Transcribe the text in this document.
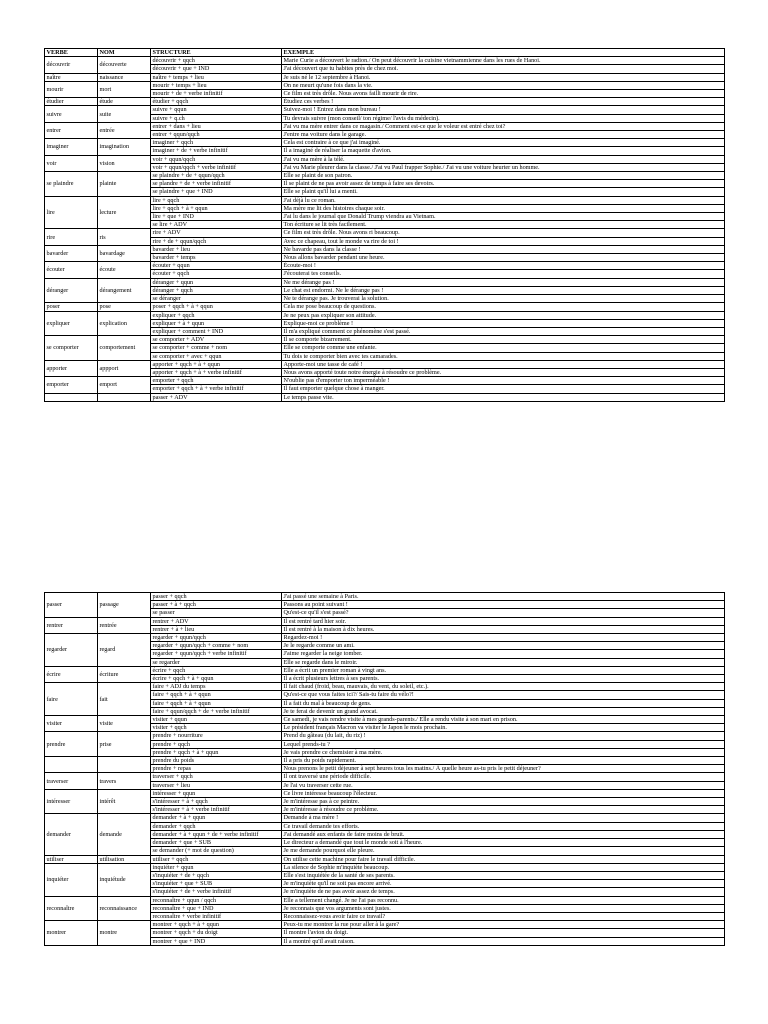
VERBE	NOM	STRUCTURE	EXEMPLE
découvrir	découverte	découvrir + qqch	Marie Curie a découvert le radion./ On peut découvrir la cuisine vietnammienne dans les rues de Hanoi.
		découvrir + que + IND	J'ai découvert que tu habites près de chez moi.
naître	naissance	naître + temps + lieu	Je suis né le 12 septembre à Hanoi.
mourir	mort	mourir + temps + lieu	On ne meurt qu'une fois dans la vie.
		mourir + de + verbe infinitif	Ce film est très drôle. Nous avons failli mourir de rire.
étudier	étude	étudier + qqch	Étudiez ces verbes !
suivre	suite	suivre + qqun	Suivez-moi ! Entrez dans mon bureau !
		suivre + q.ch	Tu devrais suivre (mon conseil/ ton régime/ l'avis du médecin).
entrer	entrée	entrer + dans + lieu	J'ai vu ma mère entrer dans ce magasin./ Comment est-ce que le voleur est entré chez toi?
		entrer + qqun/qqch	J'entre ma voiture dans le garage.
imaginer	imagination	imaginer + qqch	Cela est contraire à ce que j'ai imaginé.
		imaginer + de + verbe infinitif	Il a imaginé de réaliser la maquette d'avion.
voir	vision	voir + qqun/qqch	J'ai vu ma mère à la télé.
		voir + qqun/qqch + verbe infinitif	J'ai vu Marie pleurer dans la classe./ J'ai vu Paul frapper Sophie./ J'ai vu une voiture heurter un homme.
se plaindre	plainte	se plaindre + de + qqun/qqch	Elle se plaint de son patron.
		se plandre + de + verbe infinitif	Il se plaint de ne pas avoir assez de temps à faire ses devoirs.
		se plaindre + que + IND	Elle se plaint qu'il lui a menti.
lire	lecture	lire + qqch	J'ai déjà lu ce roman.
		lire + qqch + à + qqun	Ma mère me lit des histoires chaque soir.
		lire + que + IND	J'ai lu dans le journal que Donald Trump viendra au Vietnam.
		se lire + ADV	Ton écriture se lit très facilement.
rire	ris	rire + ADV	Ce film est très drôle. Nous avons ri beaucoup.
		rire + de + qqun/qqch	Avec ce chapeau, tout le monde va rire de toi !
bavarder	bavardage	bavarder + lieu	Ne bavarde pas dans la classe !
		bavarder + temps	Nous allons bavarder pendant une heure.
écouter	écoute	écouter + qqun	Écoute-moi !
		écouter + qqch	J'écouterai tes conseils.
déranger	dérangement	déranger + qqun	Ne me dérange pas !
		déranger + qqch	Le chat est endormi. Ne le dérange pas !
		se déranger	Ne te dérange pas. Je trouverai la solution.
poser	pose	poser + qqch + à + qqun	Cela me pose beaucoup de questions.
expliquer	explication	expliquer + qqch	Je ne peux pas expliquer son attitude.
		expliquer + à + qqun	Explique-moi ce problème !
		expliquer + comment + IND	Il m'a expliqué comment ce phénomène s'est passé.
se comporter	comportement	se comporter + ADV	Il se comporte bizarrement.
		se comporter + comme + nom	Elle se comporte comme une enfante.
		se comporter + avec + qqun	Tu dois te comporter bien avec tes camarades.
apporter	appport	apporter + qqch + à + qqun	Apporte-moi une tasse de café !
		apporter + qqch + à + verbe infinitif	Nous avons apporté toute notre énergie à résoudre ce problème.
emporter	emport	emporter + qqch	N'oublie pas d'emporter ton imperméable !
		emporter + qqch + à + verbe infinitif	Il faut emporter quelque chose à manger.
		passer + ADV	Le temps passe vite.
passer	passage	passer + qqch	J'ai passé une semaine à Paris.
		passer + à + qqch	Passons au point suivant !
		se passer	Qu'est-ce qu'il s'est passé?
rentrer	rentrée	rentrer + ADV	Il est rentré tard hier soir.
		rentrer + à + lieu	Il est rentré à la maison à dix heures.
regarder	regard	regarder + qqun/qqch	Regardez-moi !
		regarder + qqun/qqch + comme + nom	Je le regarde comme un ami.
		regarder + qqun/qqch + verbe infinitif	J'aime regarder la neige tomber.
		se regarder	Elle se regarde dans le miroir.
écrire	écriture	écrire + qqch	Elle a écrit un premier roman à vingt ans.
		écrire + qqch + à + qqun	Il a écrit plusieurs lettres à ses parents.
faire	fait	faire + ADJ du temps	Il fait chaud (froid, beau, mauvais, du vent, du soleil, etc.).
		faire + qqch + à + qqun	Qu'est-ce que vous faites ici?/ Sais-tu faire du vélo?!
		faire + qqch + à + qqun	Il a fait du mal à beaucoup de gens.
		faire + qqun/qqch + de + verbe infinitif	Je te ferai de devenir un grand avocat.
visiter	visite	visiter + qqun	Ce samedi, je vais rendre visite à mes grands-parents./ Elle a rendu visite à son mari en prison.
		visiter + qqch	Le président français Macron va visiter le Japon le mois prochain.
prendre	prise	prendre + nourriture	Prend du gâteau (du lait, du riz) !
		prendre + qqch	Lequel prends-tu ?
		prendre + qqch + à + qqun	Je vais prendre ce chemisier à ma mère.
		prendre du poids	Il a pris du poids rapidement.
		prendre + repas	Nous prenons le petit déjeuner à sept heures tous les matins./ À quelle heure as-tu pris le petit déjeuner?
traverser	travers	traverser + qqch	Il ont traversé une période difficile.
		traverser + lieu	Je l'ai vu traverser cette rue.
intéresser	intérêt	intéresser + qqun	Ce livre intéresse beaucoup l'électeur.
		s'intéresser + à + qqch	Je m'intéresse pas à ce peintre.
		s'intéresser + à + verbe infinitif	Je m'intéresse à résoudre ce problème.
demander	demande	demander + à + qqun	Demande à ma mère !
		demander + qqch	Ce travail demande tes efforts.
		demander + à + qqun + de + verbe infinitif	J'ai demandé aux enfants de faire moins de bruit.
		demander + que + SUB	Le directeur a demandé que tout le monde soit à l'heure.
		se demander (+ mot de question)	Je me demande pourquoi elle pleure.
utiliser	utilisation	utiliser + qqch	On utilise cette machine pour faire le travail difficile.
inquiéter	inquiétude	inquiéter + qqun	La silence de Sophie m'inquiète beaucoup.
		s'inquiéter + de + qqch	Elle s'est inquiétée de la santé de ses parents.
		s'inquiéter + que + SUB	Je m'inquiète qu'il ne soit pas encore arrivé.
		s'inquiéter + de + verbe infinitif	Je m'inquiète de ne pas avoir assez de temps.
reconnaître	reconnaissance	reconnaître + qqun / qqch	Elle a tellement changé. Je ne l'ai pas reconnu.
		reconnaître + que + IND	Je reconnais que vos arguments sont justes.
		reconnaître + verbe infinitif	Reconnaissez-vous avoir faire ce travail?
montrer	montre	montrer + qqch + à + qqun	Peux-tu me montrer la rue pour aller à la gare?
		montrer + qqch + du doigt	Il montre l'avion du doigt.
		montrer + que + IND	Il a montré qu'il avait raison.
